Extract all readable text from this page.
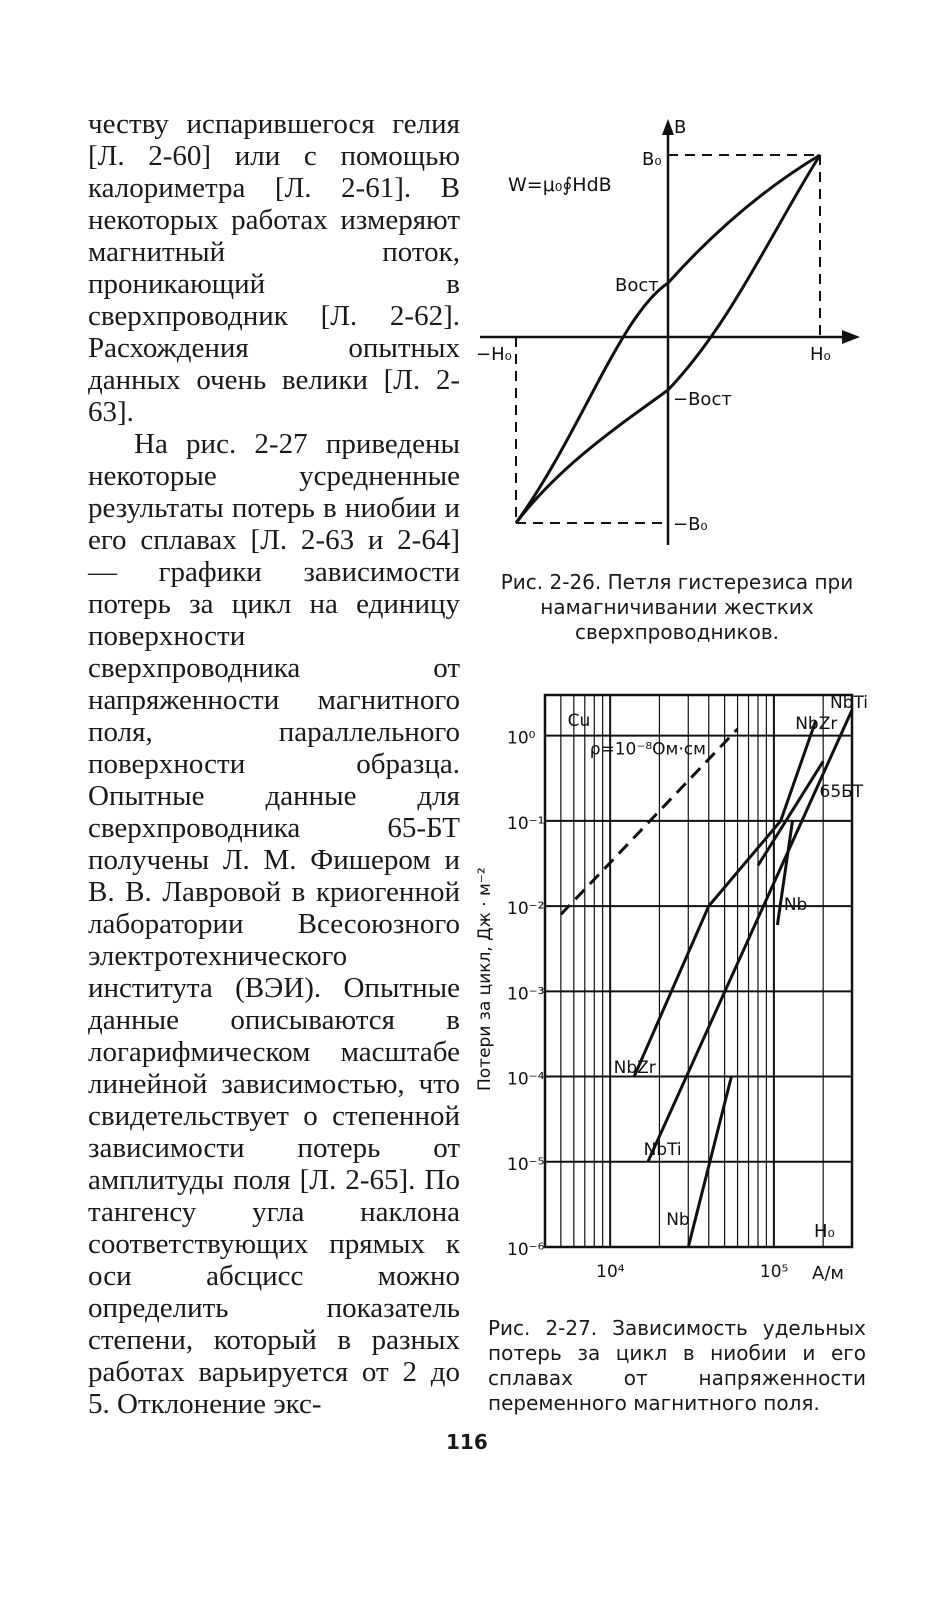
честву испарившегося гелия [Л. 2-60] или с помощью калориметра [Л. 2-61]. В некоторых работах измеряют магнитный поток, проникающий в сверхпроводник [Л. 2-62]. Расхождения опытных данных очень велики [Л. 2-63].

На рис. 2-27 приведены некоторые усредненные результаты потерь в ниобии и его сплавах [Л. 2-63 и 2-64] — графики зависимости потерь за цикл на единицу поверхности сверхпроводника от напряженности магнитного поля, параллельного поверхности образца. Опытные данные для сверхпроводника 65-БТ получены Л. М. Фишером и В. В. Лавровой в криогенной лаборатории Всесоюзного электротехнического института (ВЭИ). Опытные данные описываются в логарифмическом масштабе линейной зависимостью, что свидетельствует о степенной зависимости потерь от амплитуды поля [Л. 2-65]. По тангенсу угла наклона соответствующих прямых к оси абсцисс можно определить показатель степени, который в разных работах варьируется от 2 до 5. Отклонение экс-

B
B₀
W=μ₀∮HdB
Bост
−H₀	H₀
−Bост
−B₀
Рис. 2-26. Петля гистерезиса при намагничивании жестких сверхпроводников.
10⁰
10⁻¹
10⁻²
10⁻³
10⁻⁴
10⁻⁵
10⁻⁶
10⁴	10⁵ А/м
H₀
Потери за цикл, Дж · м⁻²
Cu
ρ=10⁻⁸Ом·см
NbTi
NbZr
65БТ
Nb
NbZr
NbTi
Nb
Рис. 2-27. Зависимость удельных потерь за цикл в ниобии и его сплавах от напряженности переменного магнитного поля.
116
